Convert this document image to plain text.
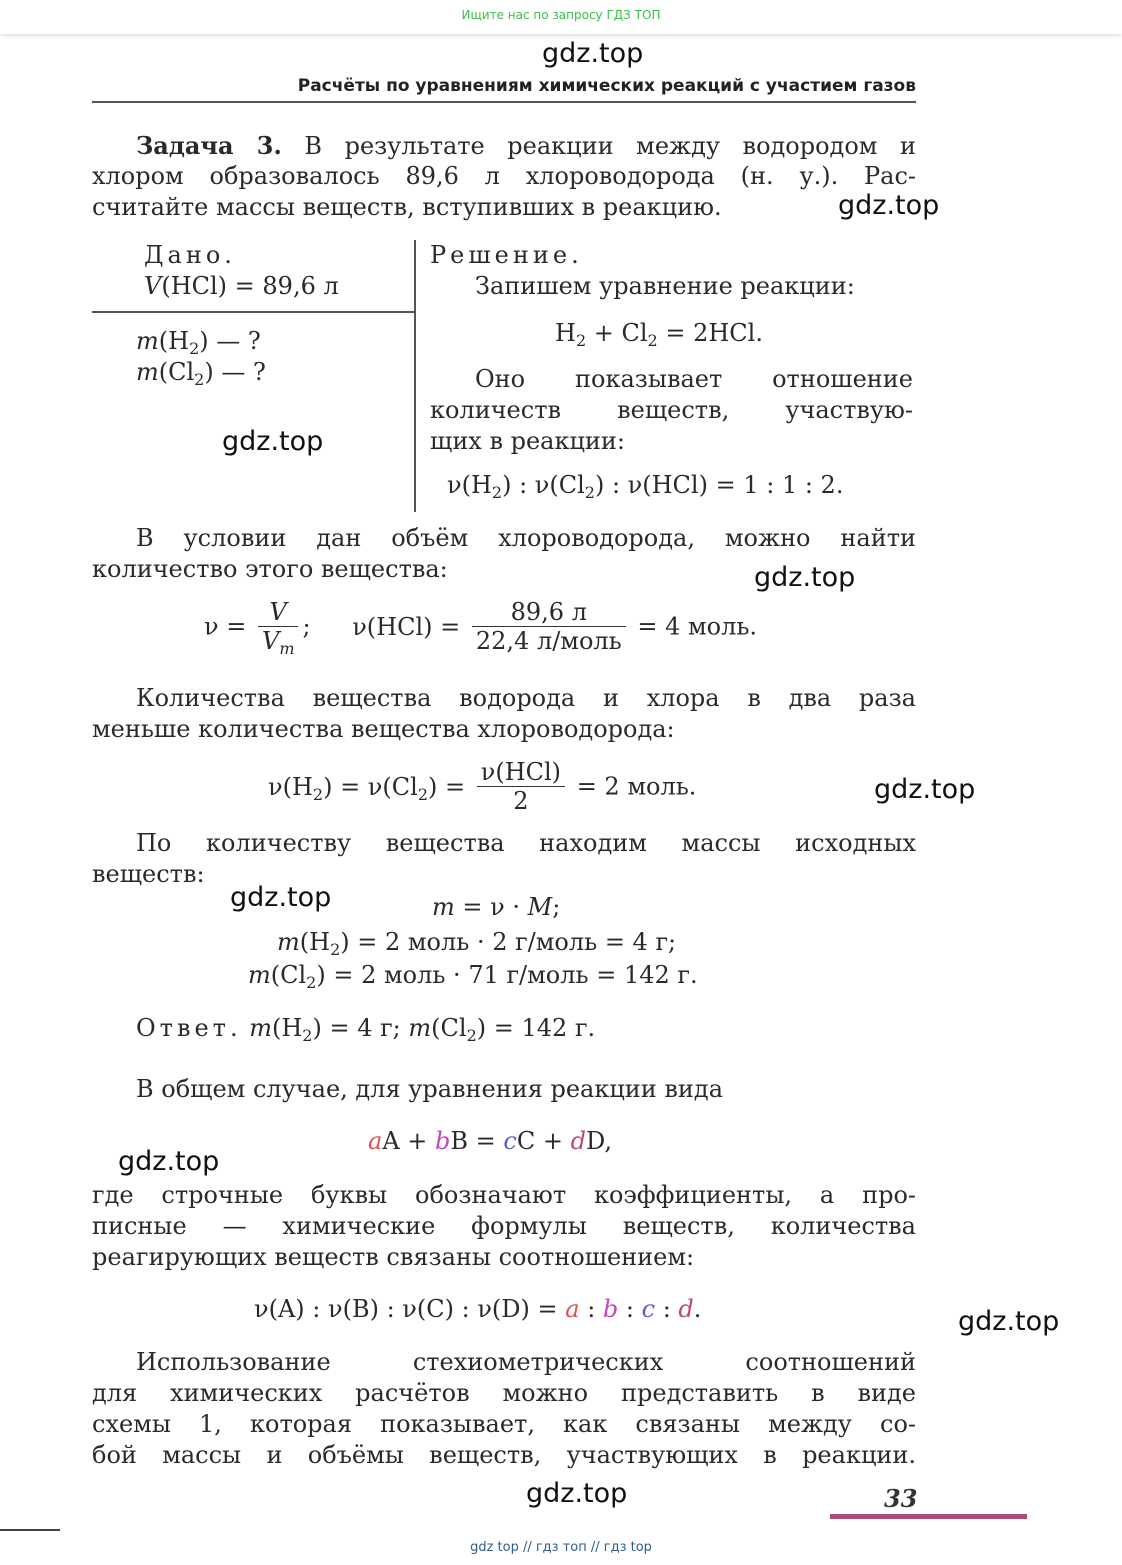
Ищите нас по запросу ГДЗ ТОП
gdz.top
gdz.top
gdz.top
gdz.top
gdz.top
gdz.top
gdz.top
gdz.top
gdz.top
Расчёты по уравнениям химических реакций с участием газов
Задача 3. В результате реакции между водородом и
хлором образовалось 89,6 л хлороводорода (н. у.). Рас-
считайте массы веществ, вступивших в реакцию.
Дано.
V(HCl) = 89,6 л
$m(H_2)$ — ?
$m(Cl_2)$ — ?
Решение.
Запишем уравнение реакции:
$H_2 + Cl_2 = 2HCl$.
Оно показывает отношение
количеств веществ, участвую-
щих в реакции:
$\nu(H_2)$ : $\nu(Cl_2)$ : ν(HCl) = 1 : 1 : 2.
В условии дан объём хлороводорода, можно найти
количество этого вещества:
$\nu = \frac{V}{V_m}$ ; $\nu(HCl) = \frac{89,6 л}{\text{22,4 л/моль}} = 4$ моль.
Количества вещества водорода и хлора в два раза
меньше количества вещества хлороводорода:
$\nu(H_2) = \nu(Cl_2) = \frac{\text{ν(HCl)}}{2} = 2$ моль.
По количеству вещества находим массы исходных
веществ:
m = ν · M;
$m(H_2) = 2$ моль · 2 г/моль = 4 г;
$m(Cl_2) = 2$ моль · 71 г/моль = 142 г.
Ответ. $m(H_2) = 4$ г; $m(Cl_2) = 142$ г.
В общем случае, для уравнения реакции вида
aA + bB = cC + dD,
где строчные буквы обозначают коэффициенты, а про-
писные — химические формулы веществ, количества
реагирующих веществ связаны соотношением:
ν(A) : ν(B) : ν(C) : ν(D) = a : b : c : d.
Использование стехиометрических соотношений
для химических расчётов можно представить в виде
схемы 1, которая показывает, как связаны между со-
бой массы и объёмы веществ, участвующих в реакции.
33
gdz top // гдз топ // гдз top
